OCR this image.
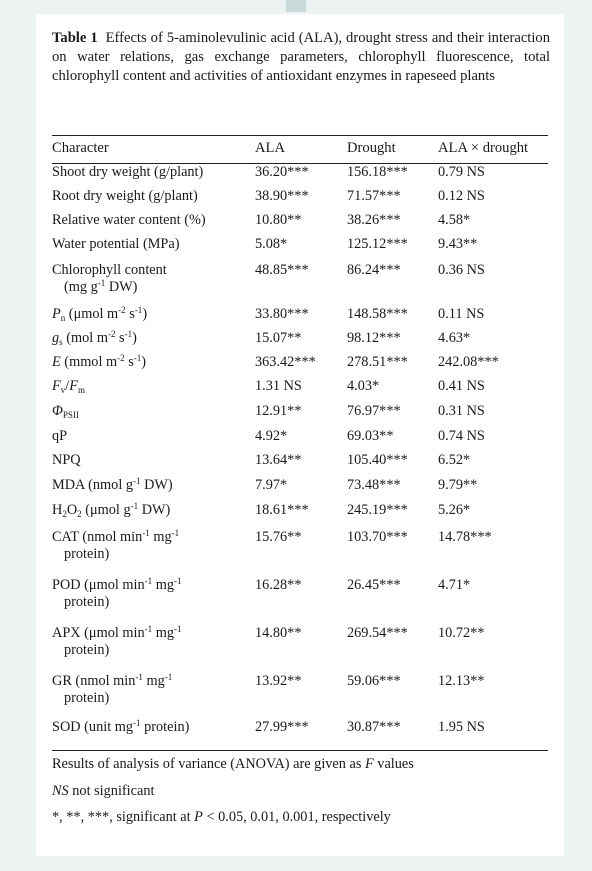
Table 1 Effects of 5-aminolevulinic acid (ALA), drought stress and their interaction on water relations, gas exchange parameters, chlorophyll fluorescence, total chlorophyll content and activities of antioxidant enzymes in rapeseed plants
Character	ALA	Drought	ALA × drought
Shoot dry weight (g/plant)	36.20***	156.18*** 0.79 NS
Root dry weight (g/plant)	38.90***	71.57***	0.12 NS
Relative water content (%)	10.80**	38.26***	4.58*
Water potential (MPa)	5.08*	125.12*** 9.43**
Chlorophyll content
(mg $g^{-1}$ DW)
48.85***	86.24***	0.36 NS
$P_n$ (μmol $m^{-2}$ $s^{-1}$)	33.80***	148.58*** 0.11 NS
$g_s$ (mol $m^{-2}$ $s^{-1}$)	15.07**	98.12***	4.63*
E (mmol $m^{-2}$ $s^{-1}$)	363.42*** 278.51*** 242.08***
$F_v/F_m$	1.31 NS	4.03*	0.41 NS
$\Phi_{PSII}$	12.91**	76.97***	0.31 NS
qP	4.92*	69.03**	0.74 NS
NPQ	13.64**	105.40*** 6.52*
MDA (nmol $g^{-1}$ DW)	7.97*	73.48***	9.79**
$H_2O_2$ (μmol $g^{-1}$ DW)	18.61***	245.19*** 5.26*
CAT (nmol $\min^{-1} mg^{-1}$
protein)
15.76**	103.70*** 14.78***
POD (μmol $\min^{-1} mg^{-1}$
protein)
16.28**	26.45***	4.71*
APX (μmol $\min^{-1} mg^{-1}$
protein)
14.80**	269.54*** 10.72**
GR (nmol $\min^{-1} mg^{-1}$
protein)
13.92**	59.06***	12.13**
SOD (unit $mg^{-1}$ protein)	27.99***	30.87***	1.95 NS
Results of analysis of variance (ANOVA) are given as F values
NS not significant
*, **, ***, significant at P < 0.05, 0.01, 0.001, respectively
